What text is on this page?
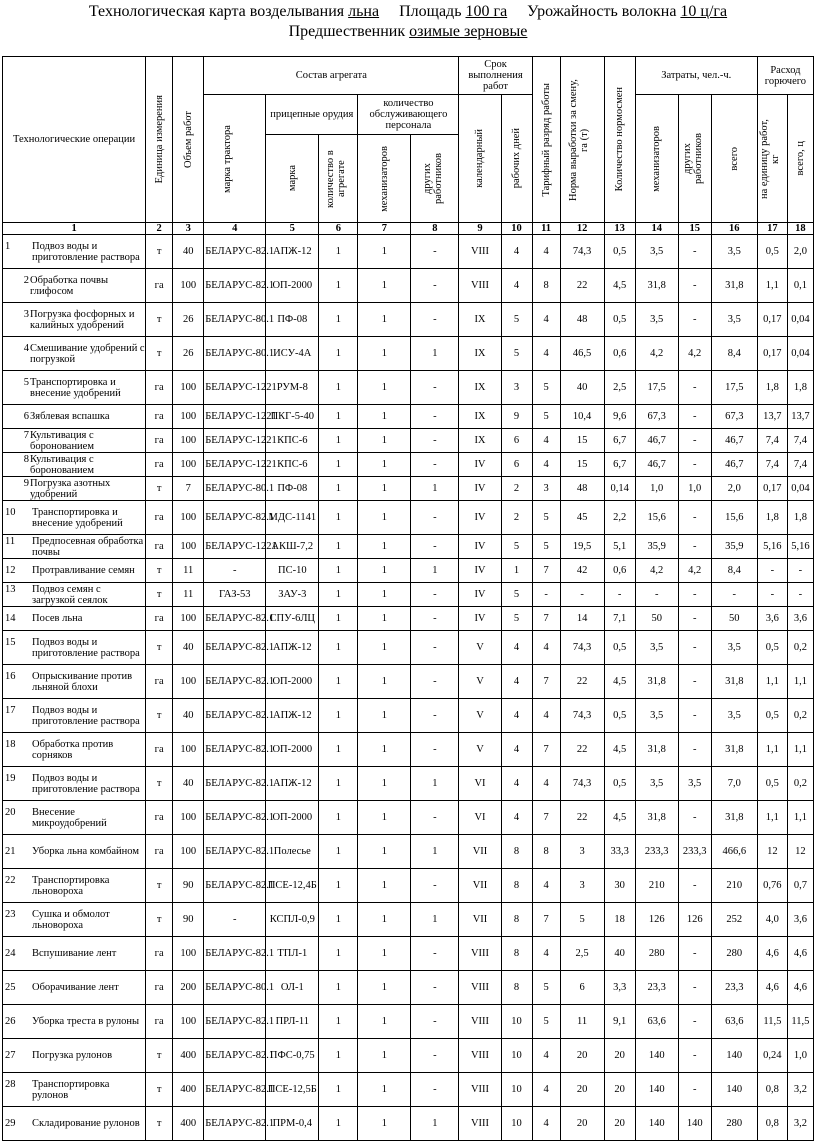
Технологическая карта возделывания льна Площадь 100 га Урожайность волокна 10 ц/га
Предшественник озимые зерновые
Технологические операции	Единица измерения	Объем работ	Состав агрегата					Срок выполнения работ		Тарифный разряд работы	Норма выработки за смену, га (т)	Количество нормосмен	Затраты, чел.-ч.			Расход горючего	

			марка трактора	прицепные орудия		количество обслуживающего персонала		календарный	рабочих дней				механизаторов	других работников	всего	на единицу работ, кг	всего, ц

				марка	количество в агрегате	механизаторов	других работников										

1	2	3	4	5	6	7	8	9	10	11	12	13	14	15	16	17	18

1 Подвоз воды и приготовление раствора	т	40	БЕЛАРУС-82.1	АПЖ-12	1	1	-	VIII	4	4	74,3	0,5	3,5	-	3,5	0,5	2,0

2 Обработка почвы глифосом	га	100	БЕЛАРУС-82.1	ОП-2000	1	1	-	VIII	4	8	22	4,5	31,8	-	31,8	1,1	0,1

3 Погрузка фосфорных и калийных удобрений	т	26	БЕЛАРУС-80.1	ПФ-08	1	1	-	IX	5	4	48	0,5	3,5	-	3,5	0,17	0,04

4 Смешивание удобрений с погрузкой	т	26	БЕЛАРУС-80.1	ИСУ-4А	1	1	1	IX	5	4	46,5	0,6	4,2	4,2	8,4	0,17	0,04

5 Транспортировка и внесение удобрений	га	100	БЕЛАРУС-1221	РУМ-8	1	1	-	IX	3	5	40	2,5	17,5	-	17,5	1,8	1,8

6 Зяблевая вспашка	га	100	БЕЛАРУС-1221	ПКГ-5-40	1	1	-	IX	9	5	10,4	9,6	67,3	-	67,3	13,7	13,7

7 Культивация с боронованием	га	100	БЕЛАРУС-1221	КПС-6	1	1	-	IX	6	4	15	6,7	46,7	-	46,7	7,4	7,4

8 Культивация с боронованием	га	100	БЕЛАРУС-1221	КПС-6	1	1	-	IV	6	4	15	6,7	46,7	-	46,7	7,4	7,4

9 Погрузка азотных удобрений	т	7	БЕЛАРУС-80.1	ПФ-08	1	1	1	IV	2	3	48	0,14	1,0	1,0	2,0	0,17	0,04

10 Транспортировка и внесение удобрений	га	100	БЕЛАРУС-82.1	МДС-1141	1	1	-	IV	2	5	45	2,2	15,6	-	15,6	1,8	1,8

11 Предпосевная обработка почвы	га	100	БЕЛАРУС-1221	АКШ-7,2	1	1	-	IV	5	5	19,5	5,1	35,9	-	35,9	5,16	5,16

12 Протравливание семян	т	11	-	ПС-10	1	1	1	IV	1	7	42	0,6	4,2	4,2	8,4	-	-

13 Подвоз семян с загрузкой сеялок	т	11	ГАЗ-53	ЗАУ-3	1	1	-	IV	5	-	-	-	-	-	-	-	-

14 Посев льна	га	100	БЕЛАРУС-82.1	СПУ-6ЛЦ	1	1	-	IV	5	7	14	7,1	50	-	50	3,6	3,6

15 Подвоз воды и приготовление раствора	т	40	БЕЛАРУС-82.1	АПЖ-12	1	1	-	V	4	4	74,3	0,5	3,5	-	3,5	0,5	0,2

16 Опрыскивание против льняной блохи	га	100	БЕЛАРУС-82.1	ОП-2000	1	1	-	V	4	7	22	4,5	31,8	-	31,8	1,1	1,1

17 Подвоз воды и приготовление раствора	т	40	БЕЛАРУС-82.1	АПЖ-12	1	1	-	V	4	4	74,3	0,5	3,5	-	3,5	0,5	0,2

18 Обработка против сорняков	га	100	БЕЛАРУС-82.1	ОП-2000	1	1	-	V	4	7	22	4,5	31,8	-	31,8	1,1	1,1

19 Подвоз воды и приготовление раствора	т	40	БЕЛАРУС-82.1	АПЖ-12	1	1	1	VI	4	4	74,3	0,5	3,5	3,5	7,0	0,5	0,2

20 Внесение микроудобрений	га	100	БЕЛАРУС-82.1	ОП-2000	1	1	-	VI	4	7	22	4,5	31,8	-	31,8	1,1	1,1

21 Уборка льна комбайном	га	100	БЕЛАРУС-82.1	Полесье	1	1	1	VII	8	8	3	33,3	233,3	233,3	466,6	12	12

22 Транспортировка льновороха	т	90	БЕЛАРУС-82.1	ПСЕ-12,4Б	1	1	-	VII	8	4	3	30	210	-	210	0,76	0,7

23 Сушка и обмолот льновороха	т	90	-	КСПЛ-0,9	1	1	1	VII	8	7	5	18	126	126	252	4,0	3,6

24 Вспушивание лент	га	100	БЕЛАРУС-82.1	ТПЛ-1	1	1	-	VIII	8	4	2,5	40	280	-	280	4,6	4,6

25 Оборачивание лент	га	200	БЕЛАРУС-80.1	ОЛ-1	1	1	-	VIII	8	5	6	3,3	23,3	-	23,3	4,6	4,6

26 Уборка треста в рулоны	га	100	БЕЛАРУС-82.1	ПРЛ-11	1	1	-	VIII	10	5	11	9,1	63,6	-	63,6	11,5	11,5

27 Погрузка рулонов	т	400	БЕЛАРУС-82.1	ПФС-0,75	1	1	-	VIII	10	4	20	20	140	-	140	0,24	1,0

28 Транспортировка рулонов	т	400	БЕЛАРУС-82.1	ПСЕ-12,5Б	1	1	-	VIII	10	4	20	20	140	-	140	0,8	3,2

29 Складирование рулонов	т	400	БЕЛАРУС-82.1	ПРМ-0,4	1	1	1	VIII	10	4	20	20	140	140	280	0,8	3,2
